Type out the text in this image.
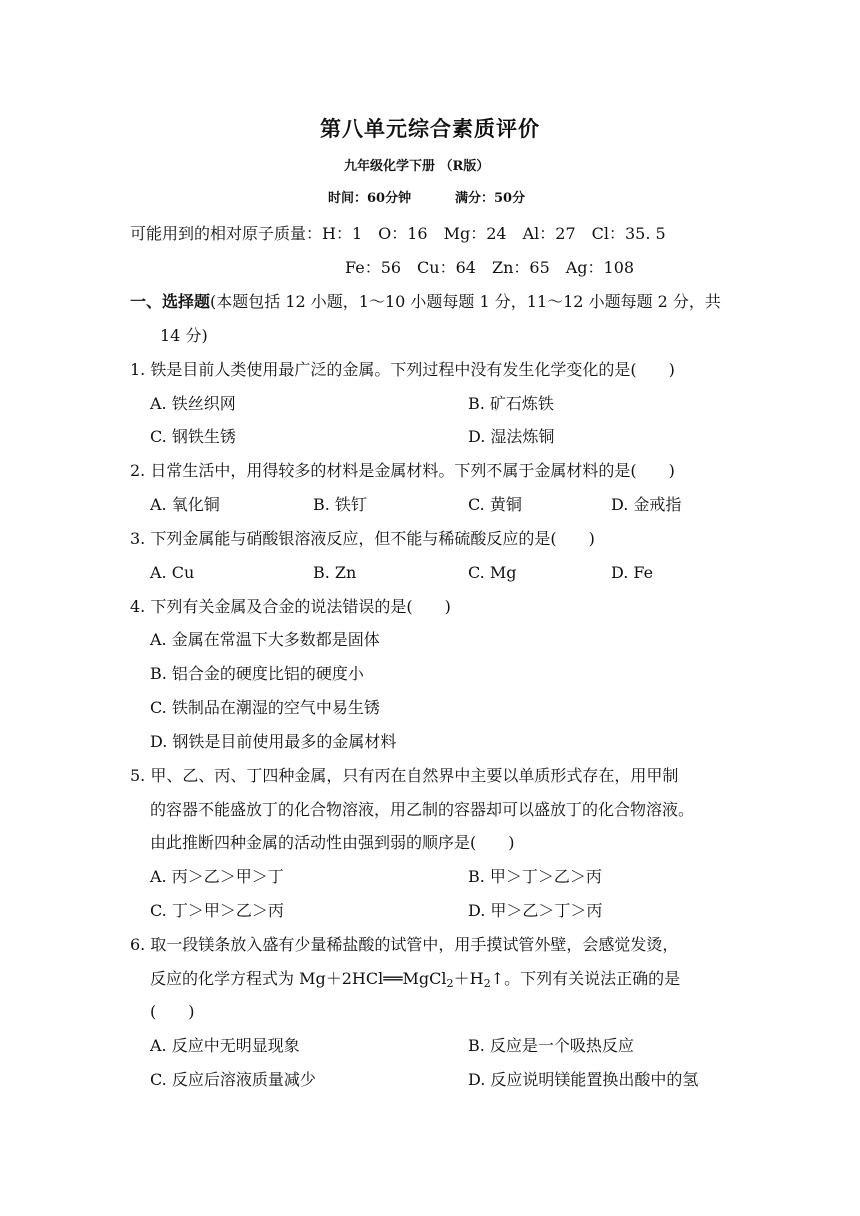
第八单元综合素质评价
九年级化学下册 （R版）
时间：60分钟	满分：50分
可能用到的相对原子质量：H：1　O：16　Mg：24　Al：27　Cl：35. 5
Fe：56　Cu：64　Zn：65　Ag：108
一、选择题(本题包括 12 小题，1～10 小题每题 1 分，11～12 小题每题 2 分，共
14 分)
1. 铁是目前人类使用最广泛的金属。下列过程中没有发生化学变化的是(　　)
A. 铁丝织网	B. 矿石炼铁
C. 钢铁生锈	D. 湿法炼铜
2. 日常生活中，用得较多的材料是金属材料。下列不属于金属材料的是(　　)
A. 氧化铜	B. 铁钉	C. 黄铜	D. 金戒指
3. 下列金属能与硝酸银溶液反应，但不能与稀硫酸反应的是(　　)
A. Cu	B. Zn	C. Mg	D. Fe
4. 下列有关金属及合金的说法错误的是(　　)
A. 金属在常温下大多数都是固体
B. 铝合金的硬度比铝的硬度小
C. 铁制品在潮湿的空气中易生锈
D. 钢铁是目前使用最多的金属材料
5. 甲、乙、丙、丁四种金属，只有丙在自然界中主要以单质形式存在，用甲制
的容器不能盛放丁的化合物溶液，用乙制的容器却可以盛放丁的化合物溶液。
由此推断四种金属的活动性由强到弱的顺序是(　　)
A. 丙＞乙＞甲＞丁	B. 甲＞丁＞乙＞丙
C. 丁＞甲＞乙＞丙	D. 甲＞乙＞丁＞丙
6. 取一段镁条放入盛有少量稀盐酸的试管中，用手摸试管外壁，会感觉发烫，
反应的化学方程式为 Mg＋2HCl══MgCl2＋H2↑。下列有关说法正确的是
(　　)
A. 反应中无明显现象	B. 反应是一个吸热反应
C. 反应后溶液质量减少	D. 反应说明镁能置换出酸中的氢
